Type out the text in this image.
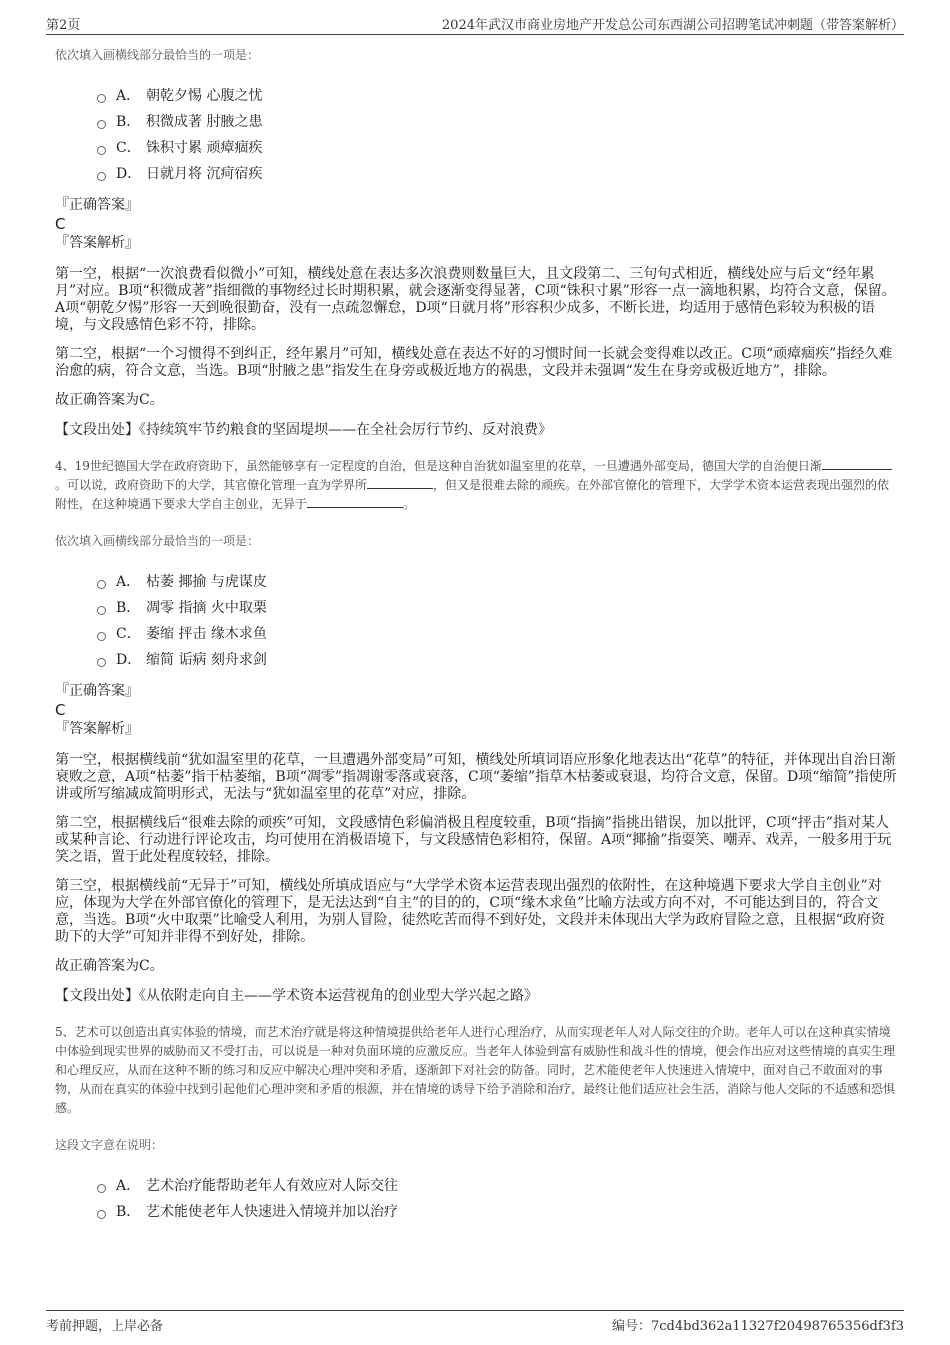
第2页	2024年武汉市商业房地产开发总公司东西湖公司招聘笔试冲刺题（带答案解析）
依次填入画横线部分最恰当的一项是：
A． 朝乾夕惕 心腹之忧
B． 积微成著 肘腋之患
C． 铢积寸累 顽瘴痼疾
D． 日就月将 沉疴宿疾
『正确答案』
C
『答案解析』
第一空，根据“一次浪费看似微小”可知，横线处意在表达多次浪费则数量巨大，且文段第二、三句句式相近，横线处应与后文“经年累月”对应。B项“积微成著”指细微的事物经过长时期积累，就会逐渐变得显著，C项“铢积寸累”形容一点一滴地积累，均符合文意，保留。A项“朝乾夕惕”形容一天到晚很勤奋，没有一点疏忽懈怠，D项“日就月将”形容积少成多，不断长进，均适用于感情色彩较为积极的语境，与文段感情色彩不符，排除。
第二空，根据“一个习惯得不到纠正，经年累月”可知，横线处意在表达不好的习惯时间一长就会变得难以改正。C项“顽瘴痼疾”指经久难治愈的病，符合文意，当选。B项“肘腋之患”指发生在身旁或极近地方的祸患，文段并未强调“发生在身旁或极近地方”，排除。
故正确答案为C。
【文段出处】《持续筑牢节约粮食的坚固堤坝——在全社会厉行节约、反对浪费》
4、19世纪德国大学在政府资助下，虽然能够享有一定程度的自治，但是这种自治犹如温室里的花草，一旦遭遇外部变局，德国大学的自治便日渐。可以说，政府资助下的大学，其官僚化管理一直为学界所	，但又是很难去除的顽疾。在外部官僚化的管理下，大学学术资本运营表现出强烈的依附性，在这种境遇下要求大学自主创业，无异于	。
依次填入画横线部分最恰当的一项是：
A． 枯萎 揶揄 与虎谋皮
B． 凋零 指摘 火中取栗
C． 萎缩 抨击 缘木求鱼
D． 缩简 诟病 刻舟求剑
『正确答案』
C
『答案解析』
第一空，根据横线前“犹如温室里的花草，一旦遭遇外部变局”可知，横线处所填词语应形象化地表达出“花草”的特征，并体现出自治日渐衰败之意，A项“枯萎”指干枯萎缩，B项“凋零”指凋谢零落或衰落，C项“萎缩”指草木枯萎或衰退，均符合文意，保留。D项“缩简”指使所讲或所写缩减成简明形式，无法与“犹如温室里的花草”对应，排除。
第二空，根据横线后“很难去除的顽疾”可知，文段感情色彩偏消极且程度较重，B项“指摘”指挑出错误，加以批评，C项“抨击”指对某人或某种言论、行动进行评论攻击，均可使用在消极语境下，与文段感情色彩相符，保留。A项“揶揄”指耍笑、嘲弄、戏弄，一般多用于玩笑之语，置于此处程度较轻，排除。
第三空，根据横线前“无异于”可知，横线处所填成语应与“大学学术资本运营表现出强烈的依附性，在这种境遇下要求大学自主创业”对应，体现为大学在外部官僚化的管理下，是无法达到“自主”的目的的，C项“缘木求鱼”比喻方法或方向不对，不可能达到目的，符合文意，当选。B项“火中取栗”比喻受人利用，为别人冒险，徒然吃苦而得不到好处，文段并未体现出大学为政府冒险之意，且根据“政府资助下的大学”可知并非得不到好处，排除。
故正确答案为C。
【文段出处】《从依附走向自主——学术资本运营视角的创业型大学兴起之路》
5、艺术可以创造出真实体验的情境，而艺术治疗就是将这种情境提供给老年人进行心理治疗，从而实现老年人对人际交往的介助。老年人可以在这种真实情境中体验到现实世界的威胁而又不受打击，可以说是一种对负面环境的应激反应。当老年人体验到富有威胁性和战斗性的情境，便会作出应对这些情境的真实生理和心理反应，从而在这种不断的练习和反应中解决心理冲突和矛盾，逐渐卸下对社会的防备。同时，艺术能使老年人快速进入情境中，面对自己不敢面对的事物，从而在真实的体验中找到引起他们心理冲突和矛盾的根源，并在情境的诱导下给予消除和治疗，最终让他们适应社会生活，消除与他人交际的不适感和恐惧感。
这段文字意在说明：
A． 艺术治疗能帮助老年人有效应对人际交往
B． 艺术能使老年人快速进入情境并加以治疗
考前押题，上岸必备	编号：7cd4bd362a11327f20498765356df3f3
